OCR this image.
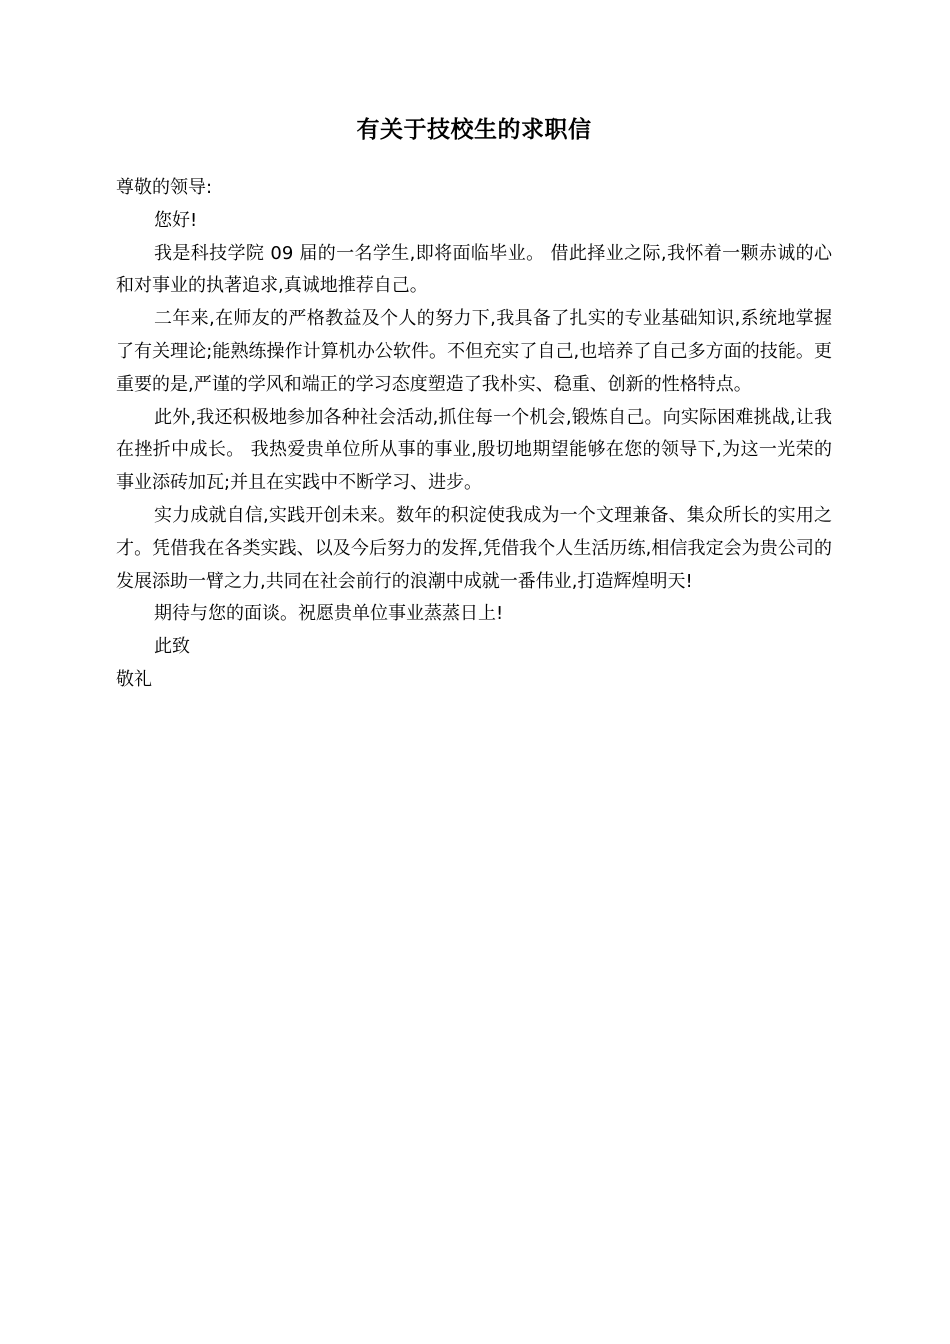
有关于技校生的求职信

尊敬的领导:

您好!

我是科技学院 09 届的一名学生,即将面临毕业。 借此择业之际,我怀着一颗赤诚的心和对事业的执著追求,真诚地推荐自己。

二年来,在师友的严格教益及个人的努力下,我具备了扎实的专业基础知识,系统地掌握了有关理论;能熟练操作计算机办公软件。不但充实了自己,也培养了自己多方面的技能。更重要的是,严谨的学风和端正的学习态度塑造了我朴实、稳重、创新的性格特点。

此外,我还积极地参加各种社会活动,抓住每一个机会,锻炼自己。向实际困难挑战,让我在挫折中成长。 我热爱贵单位所从事的事业,殷切地期望能够在您的领导下,为这一光荣的事业添砖加瓦;并且在实践中不断学习、进步。

实力成就自信,实践开创未来。数年的积淀使我成为一个文理兼备、集众所长的实用之才。凭借我在各类实践、以及今后努力的发挥,凭借我个人生活历练,相信我定会为贵公司的发展添助一臂之力,共同在社会前行的浪潮中成就一番伟业,打造辉煌明天!

期待与您的面谈。祝愿贵单位事业蒸蒸日上!

此致

敬礼
